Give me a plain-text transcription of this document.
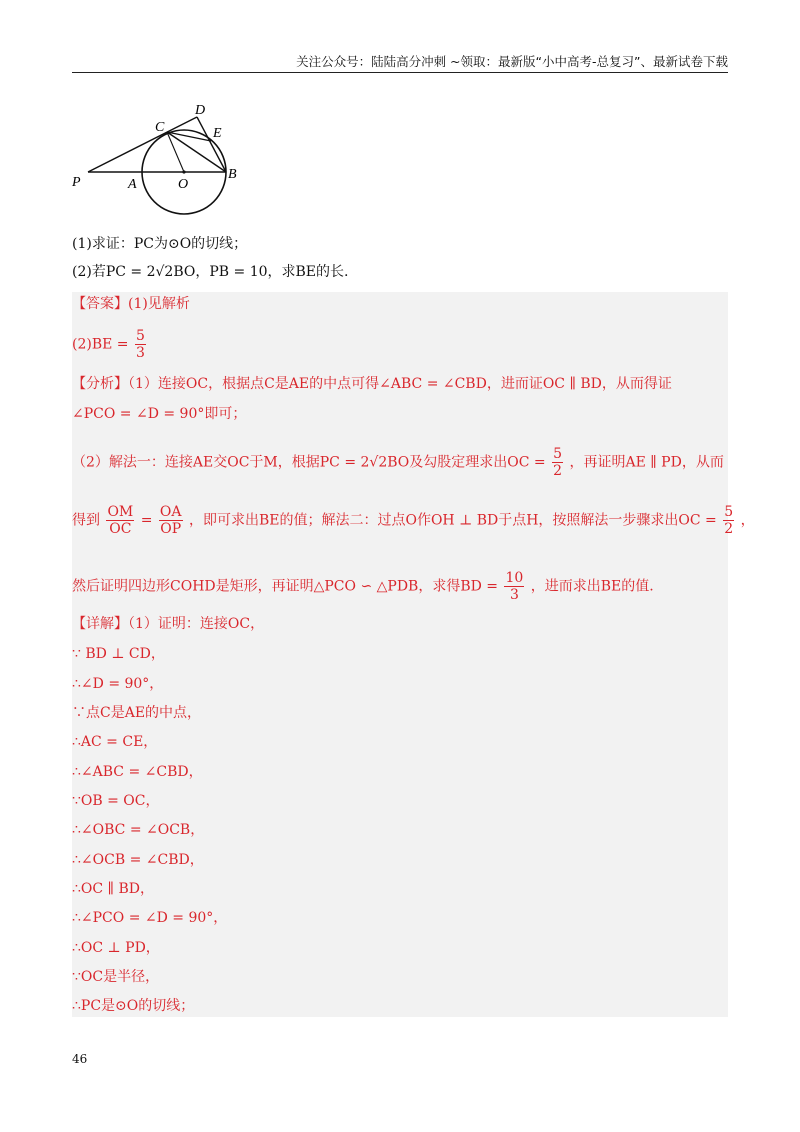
关注公众号：陆陆高分冲刺 ~领取：最新版“小中高考-总复习”、最新试卷下载
P	A	O
B
C
D
E
(1)求证：PC为⊙O的切线；
(2)若PC = 2√2BO，PB = 10，求BE的长.
【答案】(1)见解析
$(2)BE = \frac{5}{3}$
【分析】（1）连接OC，根据点C是AE的中点可得∠ABC = ∠CBD，进而证OC ∥ BD，从而得证
∠PCO = ∠D = 90°即可；
（2）解法一：连接AE交OC于M，根据PC = 2√2BO及勾股定理求出OC = $\frac{5}{2}$ ，再证明AE ∥ PD，从而
得到 $\frac{OM}{OC} = \frac{OA}{OP}$ ，即可求出BE的值；解法二：过点O作OH ⊥ BD于点H，按照解法一步骤求出OC = $\frac{5}{2}$ ，
然后证明四边形COHD是矩形，再证明△PCO ∽ △PDB，求得BD = $\frac{10}{3}$ ，进而求出BE的值.
【详解】（1）证明：连接OC，
∵ BD ⊥ CD，
∴∠D = 90°，
∵点C是AE的中点，
∴AC = CE，
∴∠ABC = ∠CBD，
∵OB = OC，
∴∠OBC = ∠OCB，
∴∠OCB = ∠CBD，
∴OC ∥ BD，
∴∠PCO = ∠D = 90°，
∴OC ⊥ PD，
∵OC是半径，
∴PC是⊙O的切线；
46
